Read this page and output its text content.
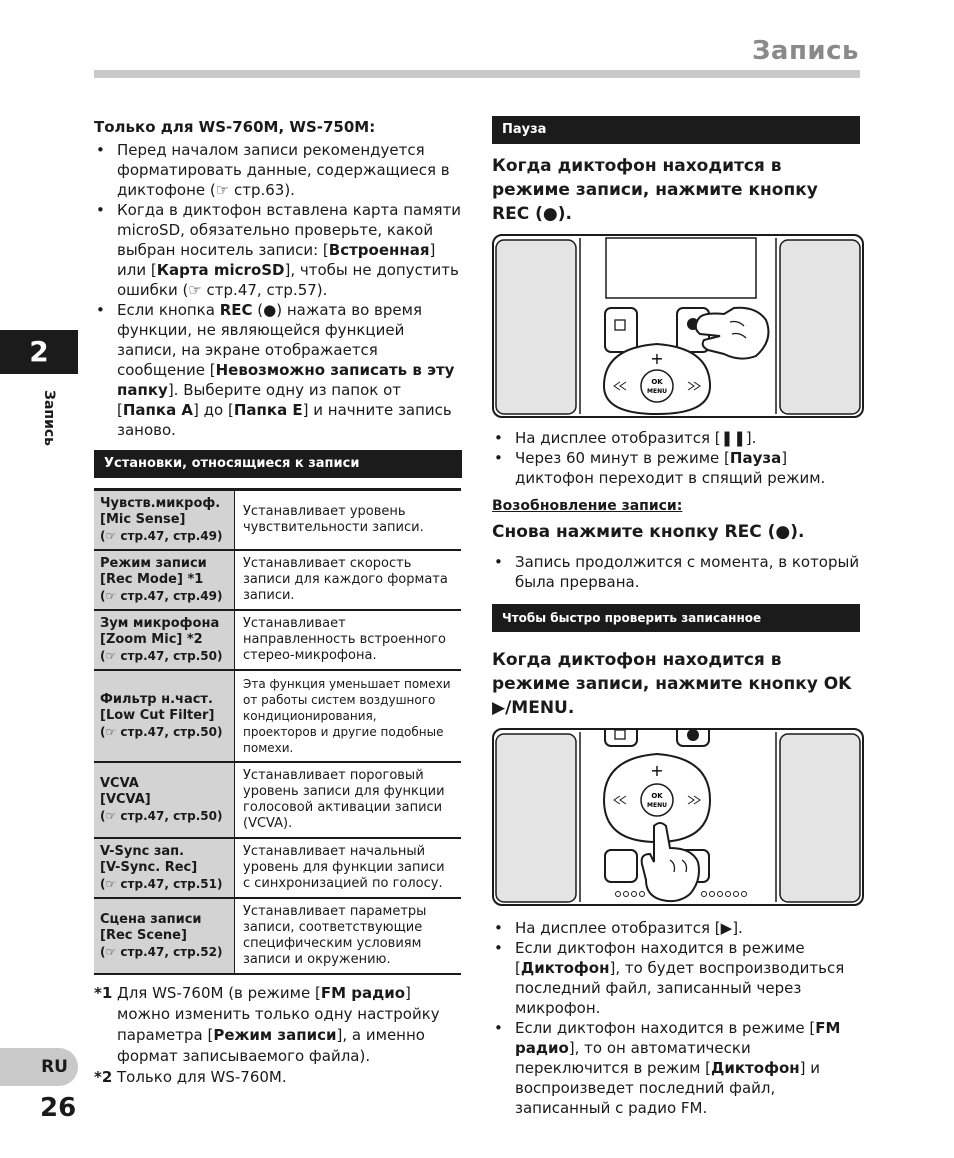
Запись
2
Запись
RU
26
Только для WS-760M, WS-750M:
• Перед началом записи рекомендуется форматировать данные, содержащиеся в диктофоне (☞ стр.63).
• Когда в диктофон вставлена карта памяти microSD, обязательно проверьте, какой выбран носитель записи: [Встроенная] или [Карта microSD], чтобы не допустить ошибки (☞ стр.47, стр.57).
• Если кнопка REC (●) нажата во время функции, не являющейся функцией записи, на экране отображается сообщение [Невозможно записать в эту папку]. Выберите одну из папок от [Папка A] до [Папка E] и начните запись заново.
Установки, относящиеся к записи
Чувств.микроф.
[Mic Sense]
(☞ стр.47, стр.49)	Устанавливает уровень чувствительности записи.

Режим записи
[Rec Mode] *1
(☞ стр.47, стр.49)	Устанавливает скорость записи для каждого формата записи.

Зум микрофона
[Zoom Mic] *2
(☞ стр.47, стр.50)	Устанавливает направленность встроенного стерео-микрофона.

Фильтр н.част.
[Low Cut Filter]
(☞ стр.47, стр.50)	Эта функция уменьшает помехи от работы систем воздушного кондиционирования, проекторов и другие подобные помехи.

VCVA
[VCVA]
(☞ стр.47, стр.50)	Устанавливает пороговый уровень записи для функции голосовой активации записи (VCVA).

V-Sync зап.
[V-Sync. Rec]
(☞ стр.47, стр.51)	Устанавливает начальный уровень для функции записи с синхронизацией по голосу.

Сцена записи
[Rec Scene]
(☞ стр.47, стр.52)	Устанавливает параметры записи, соответствующие специфическим условиям записи и окружению.
*1 Для WS-760M (в режиме [FM радио] можно изменить только одну настройку параметра [Режим записи], а именно формат записываемого файла).
*2 Только для WS-760M.
Пауза
Когда диктофон находится в режиме записи, нажмите кнопку REC (●).
OK
MENU
+
• На дисплее отобразится [❚❚].
• Через 60 минут в режиме [Пауза] диктофон переходит в спящий режим.
Возобновление записи:
Снова нажмите кнопку REC (●).
• Запись продолжится с момента, в который была прервана.
Чтобы быстро проверить записанное содержимое
Когда диктофон находится в режиме записи, нажмите кнопку OK ▶/MENU.
OK
MENU
+
• На дисплее отобразится [▶].
• Если диктофон находится в режиме [Диктофон], то будет воспроизводиться последний файл, записанный через микрофон.
• Если диктофон находится в режиме [FM радио], то он автоматически переключится в режим [Диктофон] и воспроизведет последний файл, записанный с радио FM.
